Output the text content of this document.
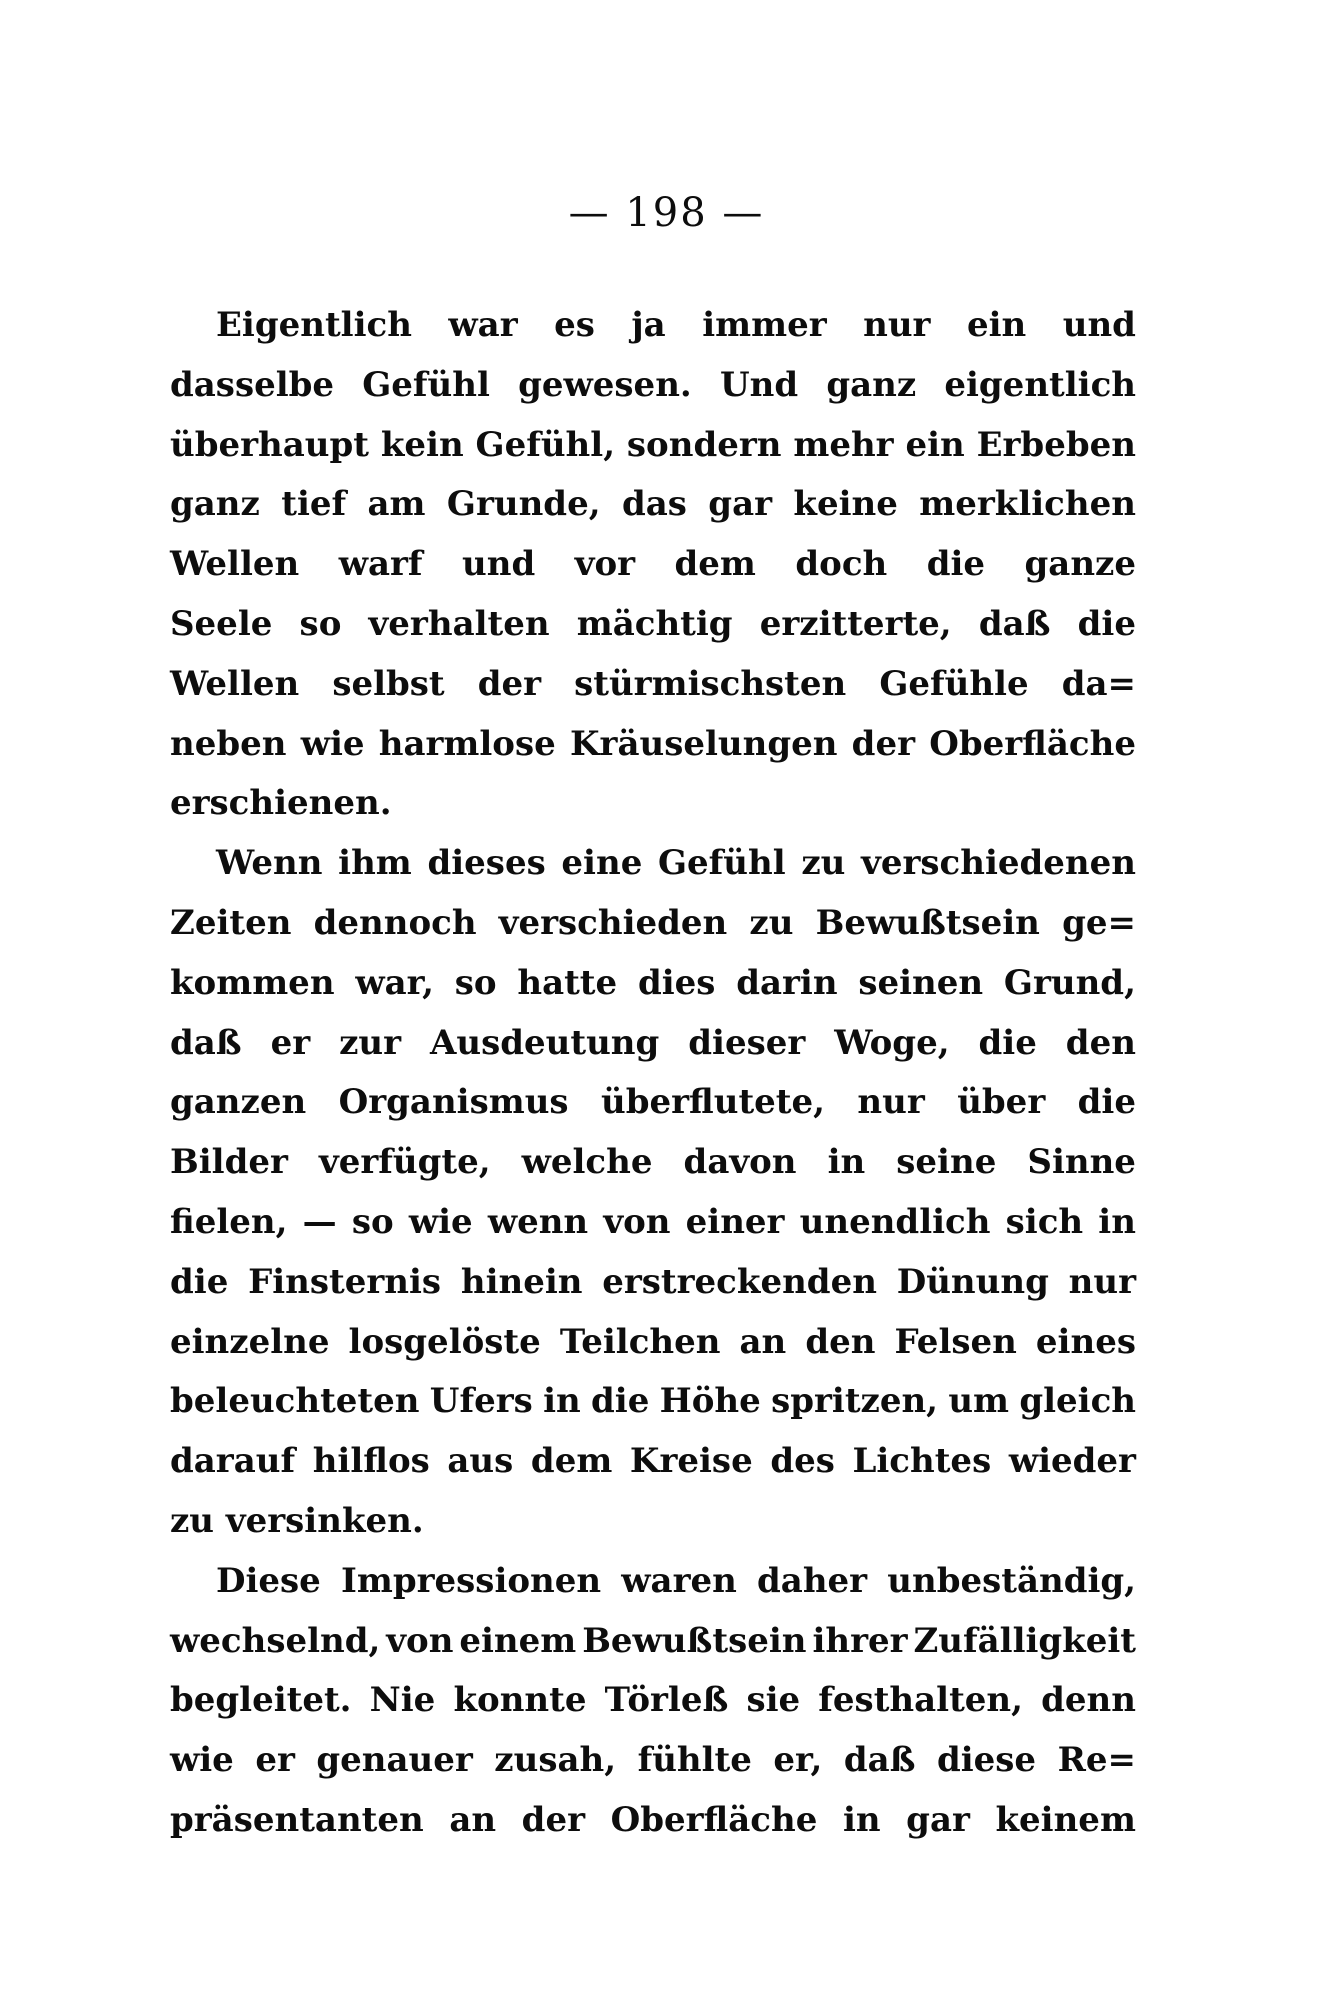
— 198 —
Eigentlich war es ja immer nur ein und
dasselbe Gefühl gewesen. Und ganz eigentlich
überhaupt kein Gefühl, sondern mehr ein Erbeben
ganz tief am Grunde, das gar keine merklichen
Wellen warf und vor dem doch die ganze
Seele so verhalten mächtig erzitterte, daß die
Wellen selbst der stürmischsten Gefühle da=
neben wie harmlose Kräuselungen der Oberfläche
erschienen.
Wenn ihm dieses eine Gefühl zu verschiedenen
Zeiten dennoch verschieden zu Bewußtsein ge=
kommen war, so hatte dies darin seinen Grund,
daß er zur Ausdeutung dieser Woge, die den
ganzen Organismus überflutete, nur über die
Bilder verfügte, welche davon in seine Sinne
fielen, — so wie wenn von einer unendlich sich in
die Finsternis hinein erstreckenden Dünung nur
einzelne losgelöste Teilchen an den Felsen eines
beleuchteten Ufers in die Höhe spritzen, um gleich
darauf hilflos aus dem Kreise des Lichtes wieder
zu versinken.
Diese Impressionen waren daher unbeständig,
wechselnd, von einem Bewußtsein ihrer Zufälligkeit
begleitet. Nie konnte Törleß sie festhalten, denn
wie er genauer zusah, fühlte er, daß diese Re=
präsentanten an der Oberfläche in gar keinem
